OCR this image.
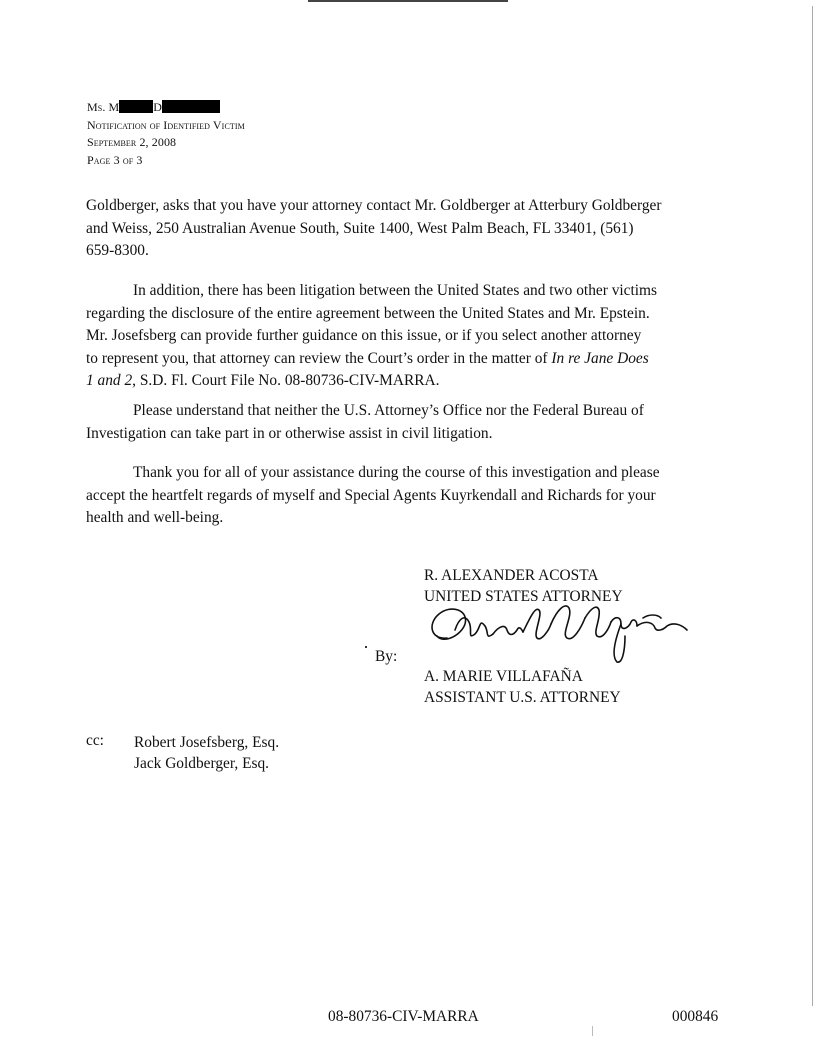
Ms. M	D
Notification of Identified Victim
September 2, 2008
Page 3 of 3
Goldberger, asks that you have your attorney contact Mr. Goldberger at Atterbury Goldberger
and Weiss, 250 Australian Avenue South, Suite 1400, West Palm Beach, FL 33401, (561)
659-8300.
In addition, there has been litigation between the United States and two other victims
regarding the disclosure of the entire agreement between the United States and Mr. Epstein.
Mr. Josefsberg can provide further guidance on this issue, or if you select another attorney
to represent you, that attorney can review the Court’s order in the matter of In re Jane Does
1 and 2, S.D. Fl. Court File No. 08-80736-CIV-MARRA.
Please understand that neither the U.S. Attorney’s Office nor the Federal Bureau of
Investigation can take part in or otherwise assist in civil litigation.
Thank you for all of your assistance during the course of this investigation and please
accept the heartfelt regards of myself and Special Agents Kuyrkendall and Richards for your
health and well-being.
R. ALEXANDER ACOSTA
UNITED STATES ATTORNEY
By:
A. MARIE VILLAFAÑA
ASSISTANT U.S. ATTORNEY
cc: Robert Josefsberg, Esq.
Jack Goldberger, Esq.
08-80736-CIV-MARRA	000846
